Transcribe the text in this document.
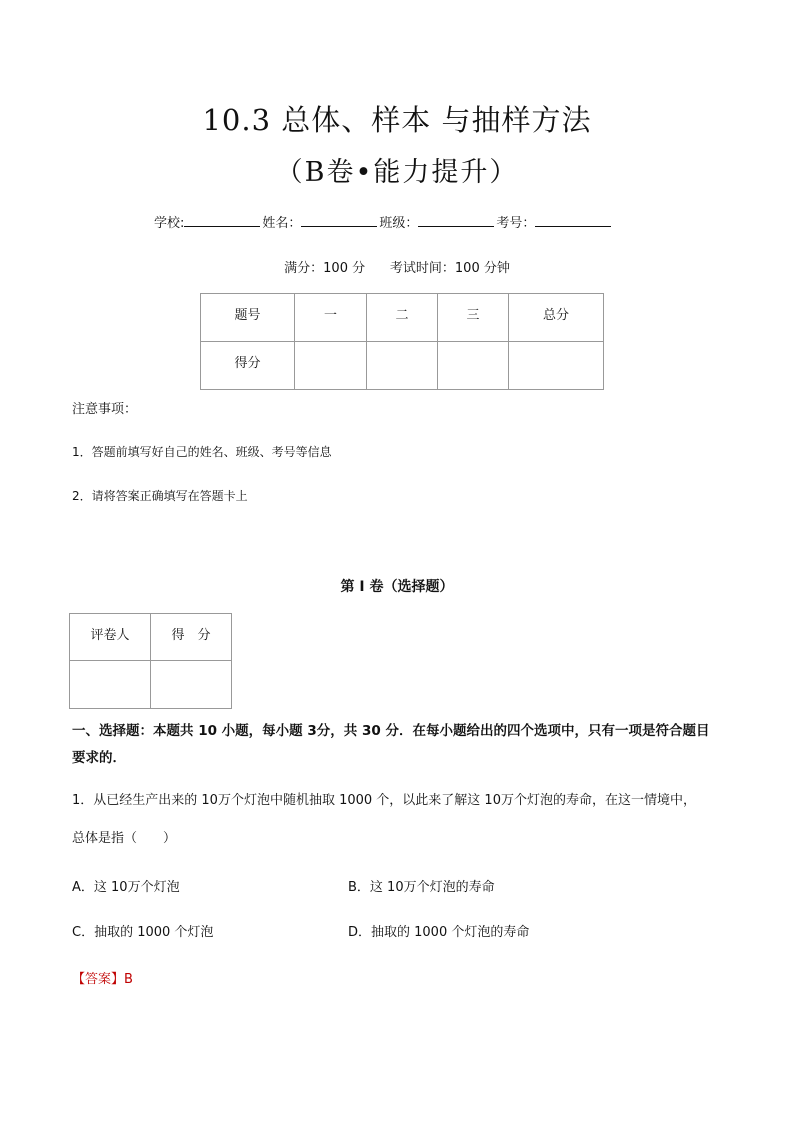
10.3 总体、样本 与抽样方法
（B卷•能力提升）
学校:	姓名：	班级：	考号：
满分：100 分      考试时间：100 分钟
题号	一	二	三	总分
得分				
注意事项：
1．答题前填写好自己的姓名、班级、考号等信息
2．请将答案正确填写在答题卡上
第 I 卷（选择题）
评卷人	得　分

一、选择题：本题共 10 小题，每小题 3分，共 30 分．在每小题给出的四个选项中，只有一项是符合题目
要求的．
1．从已经生产出来的 10万个灯泡中随机抽取 1000 个，以此来了解这 10万个灯泡的寿命，在这一情境中，
总体是指（　　）
A．这 10万个灯泡	B．这 10万个灯泡的寿命
C．抽取的 1000 个灯泡	D．抽取的 1000 个灯泡的寿命
【答案】B
